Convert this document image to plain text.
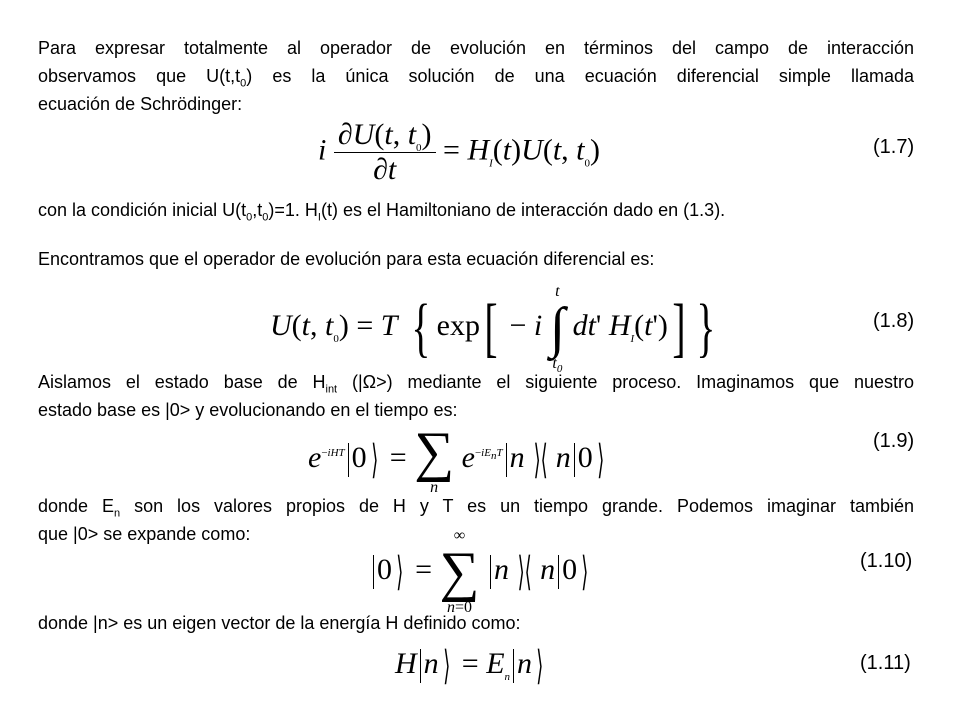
Para expresar totalmente al operador de evolución en términos del campo de interacción
observamos que $U(t,t_0)$ es la única solución de una ecuación diferencial simple llamada
ecuación de Schrödinger:
i $\frac{\partial U(t, t_0)}{\partial t} = H_I(t)U(t$, $t_0$)	(1.7)
con la condición inicial $U(t_0,t_0)=1$. $H_I(t)$ es el Hamiltoniano de interacción dado en (1.3).
Encontramos que el operador de evolución para esta ecuación diferencial es:
U(t, $t_0) = T$ { exp[ − i
t
∫
$t_0$
dt' $H_I(t')$] }	(1.8)
Aislamos el estado base de $H_{int}$ (|Ω>) mediante el siguiente proceso. Imaginamos que nuestro
estado base es |0> y evolucionando en el tiempo es:
$e^{-iHT}$ 0 ⟩ = ∑
n
$e^{-iE_nT}$ n ⟩⟨ n 0 ⟩	(1.9)
donde $E_n$ son los valores propios de H y T es un tiempo grande. Podemos imaginar también
que |0> se expande como:
0 ⟩ =
∞
∑
n=0
n ⟩⟨ n 0 ⟩	(1.10)
donde |n> es un eigen vector de la energía H definido como:
H n ⟩ = $E_n$ n ⟩	(1.11)
